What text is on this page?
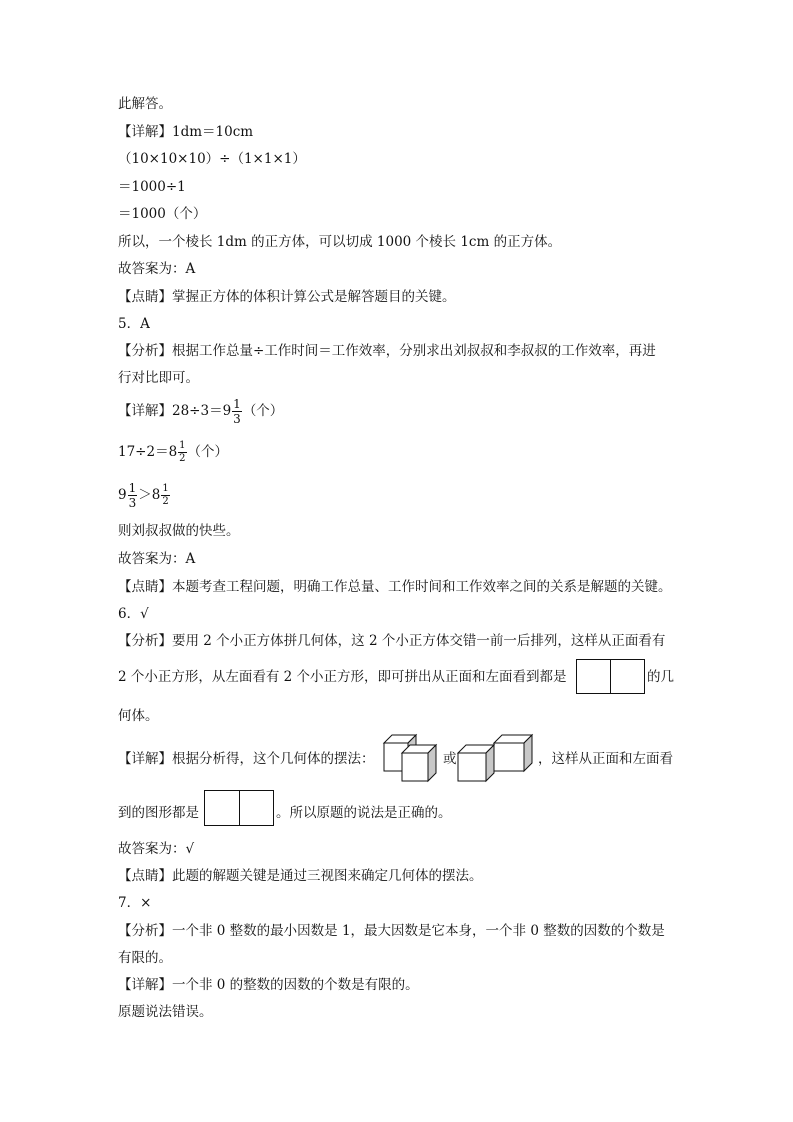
此解答。
【详解】1dm＝10cm
（10×10×10）÷（1×1×1）
＝1000÷1
＝1000（个）
所以，一个棱长 1dm 的正方体，可以切成 1000 个棱长 1cm 的正方体。
故答案为：A
【点睛】掌握正方体的体积计算公式是解答题目的关键。
5．A
【分析】根据工作总量÷工作时间＝工作效率，分别求出刘叔叔和李叔叔的工作效率，再进
行对比即可。
【详解】$28\div 3=9 \frac{1}{3}$ （个）
$17\div 2=8 \frac{1}{2}$ （个）
$9 \frac{1}{3} >8 \frac{1}{2}$
则刘叔叔做的快些。
故答案为：A
【点睛】本题考查工程问题，明确工作总量、工作时间和工作效率之间的关系是解题的关键。
6．√
【分析】要用 2 个小正方体拼几何体，这 2 个小正方体交错一前一后排列，这样从正面看有
2 个小正方形，从左面看有 2 个小正方形，即可拼出从正面和左面看到都是	的几
何体。
【详解】根据分析得，这个几何体的摆法：	或	，这样从正面和左面看
到的图形都是	。所以原题的说法是正确的。
故答案为：√
【点睛】此题的解题关键是通过三视图来确定几何体的摆法。
7．×
【分析】一个非 0 整数的最小因数是 1，最大因数是它本身，一个非 0 整数的因数的个数是
有限的。
【详解】一个非 0 的整数的因数的个数是有限的。
原题说法错误。
